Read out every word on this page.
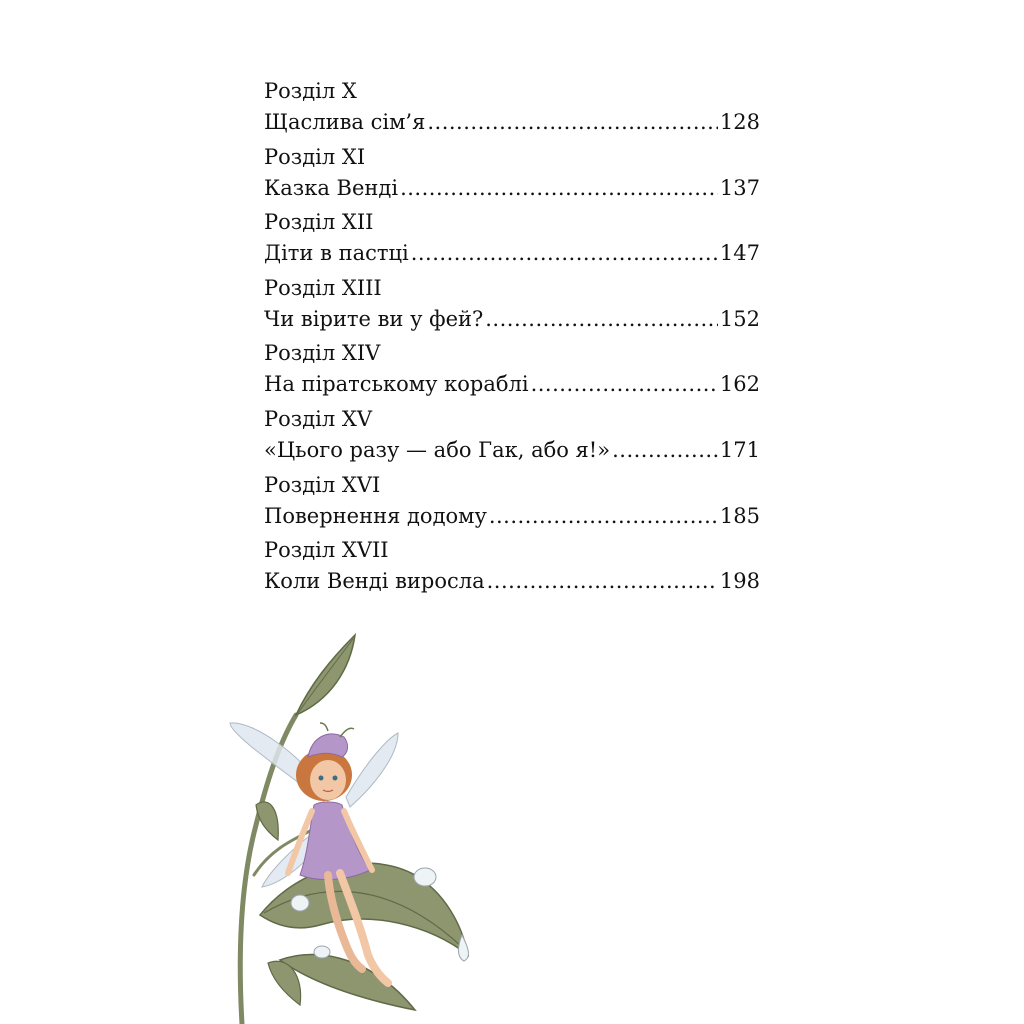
Розділ X
Щаслива сім’я .....	128
Розділ XI
Казка Венді .....	137
Розділ XII
Діти в пастці .....	147
Розділ XIII
Чи вірите ви у фей? .....	152
Розділ XIV
На піратському кораблі .....	162
Розділ XV
«Цього разу — або Гак, або я!» .....	171
Розділ XVI
Повернення додому .....	185
Розділ XVII
Коли Венді виросла .....	198
